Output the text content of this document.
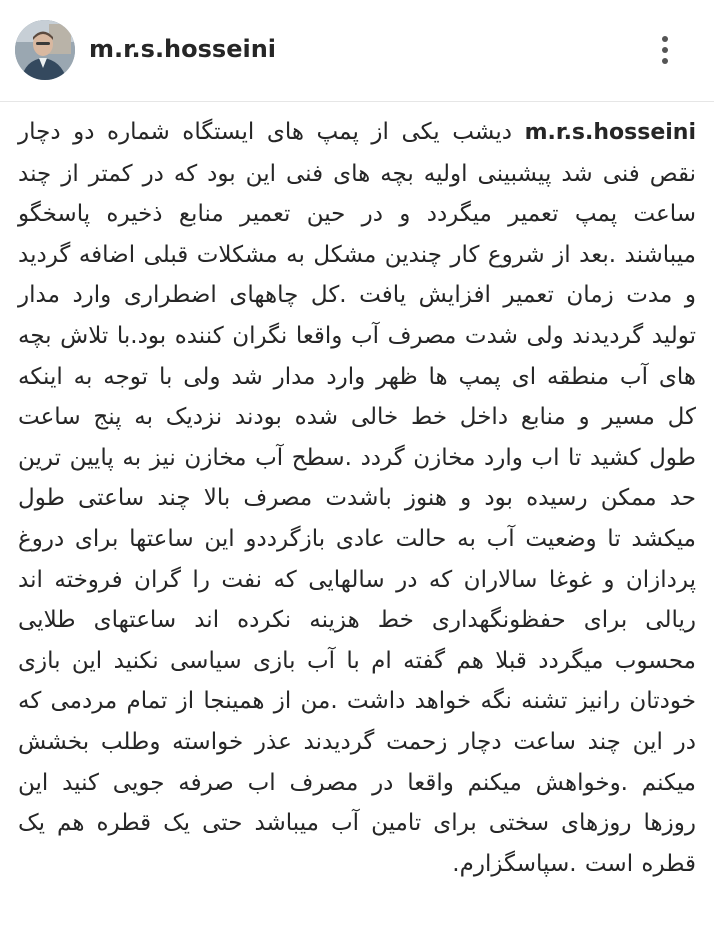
m.r.s.hosseini
m.r.s.hosseini دیشب یکی از پمپ های ایستگاه شماره دو دچار نقص فنی شد پیشبینی اولیه بچه های فنی این بود که در کمتر از چند ساعت پمپ تعمیر میگردد و در حین تعمیر منابع ذخیره پاسخگو میباشند .بعد از شروع کار چندین مشکل به مشکلات قبلی اضافه گردید و مدت زمان تعمیر افزایش یافت .کل چاههای اضطراری وارد مدار تولید گردیدند ولی شدت مصرف آب واقعا نگران کننده بود.با تلاش بچه های آب منطقه ای پمپ ها ظهر وارد مدار شد ولی با توجه به اینکه کل مسیر و منابع داخل خط خالی شده بودند نزدیک به پنج ساعت طول کشید تا اب وارد مخازن گردد .سطح آب مخازن نیز به پایین ترین حد ممکن رسیده بود و هنوز باشدت مصرف بالا چند ساعتی طول میکشد تا وضعیت آب به حالت عادی بازگرددو این ساعتها برای دروغ پردازان و غوغا سالاران که در سالهایی که نفت را گران فروخته اند ریالی برای حفظونگهداری خط هزینه نکرده اند ساعتهای طلایی محسوب میگردد قبلا هم گفته ام با آب بازی سیاسی نکنید این بازی خودتان رانیز تشنه نگه خواهد داشت .من از همینجا از تمام مردمی که در این چند ساعت دچار زحمت گردیدند عذر خواسته وطلب بخشش میکنم .وخواهش میکنم واقعا در مصرف اب صرفه جویی کنید این روزها روزهای سختی برای تامین آب میباشد حتی یک قطره هم یک قطره است .سپاسگزارم.
